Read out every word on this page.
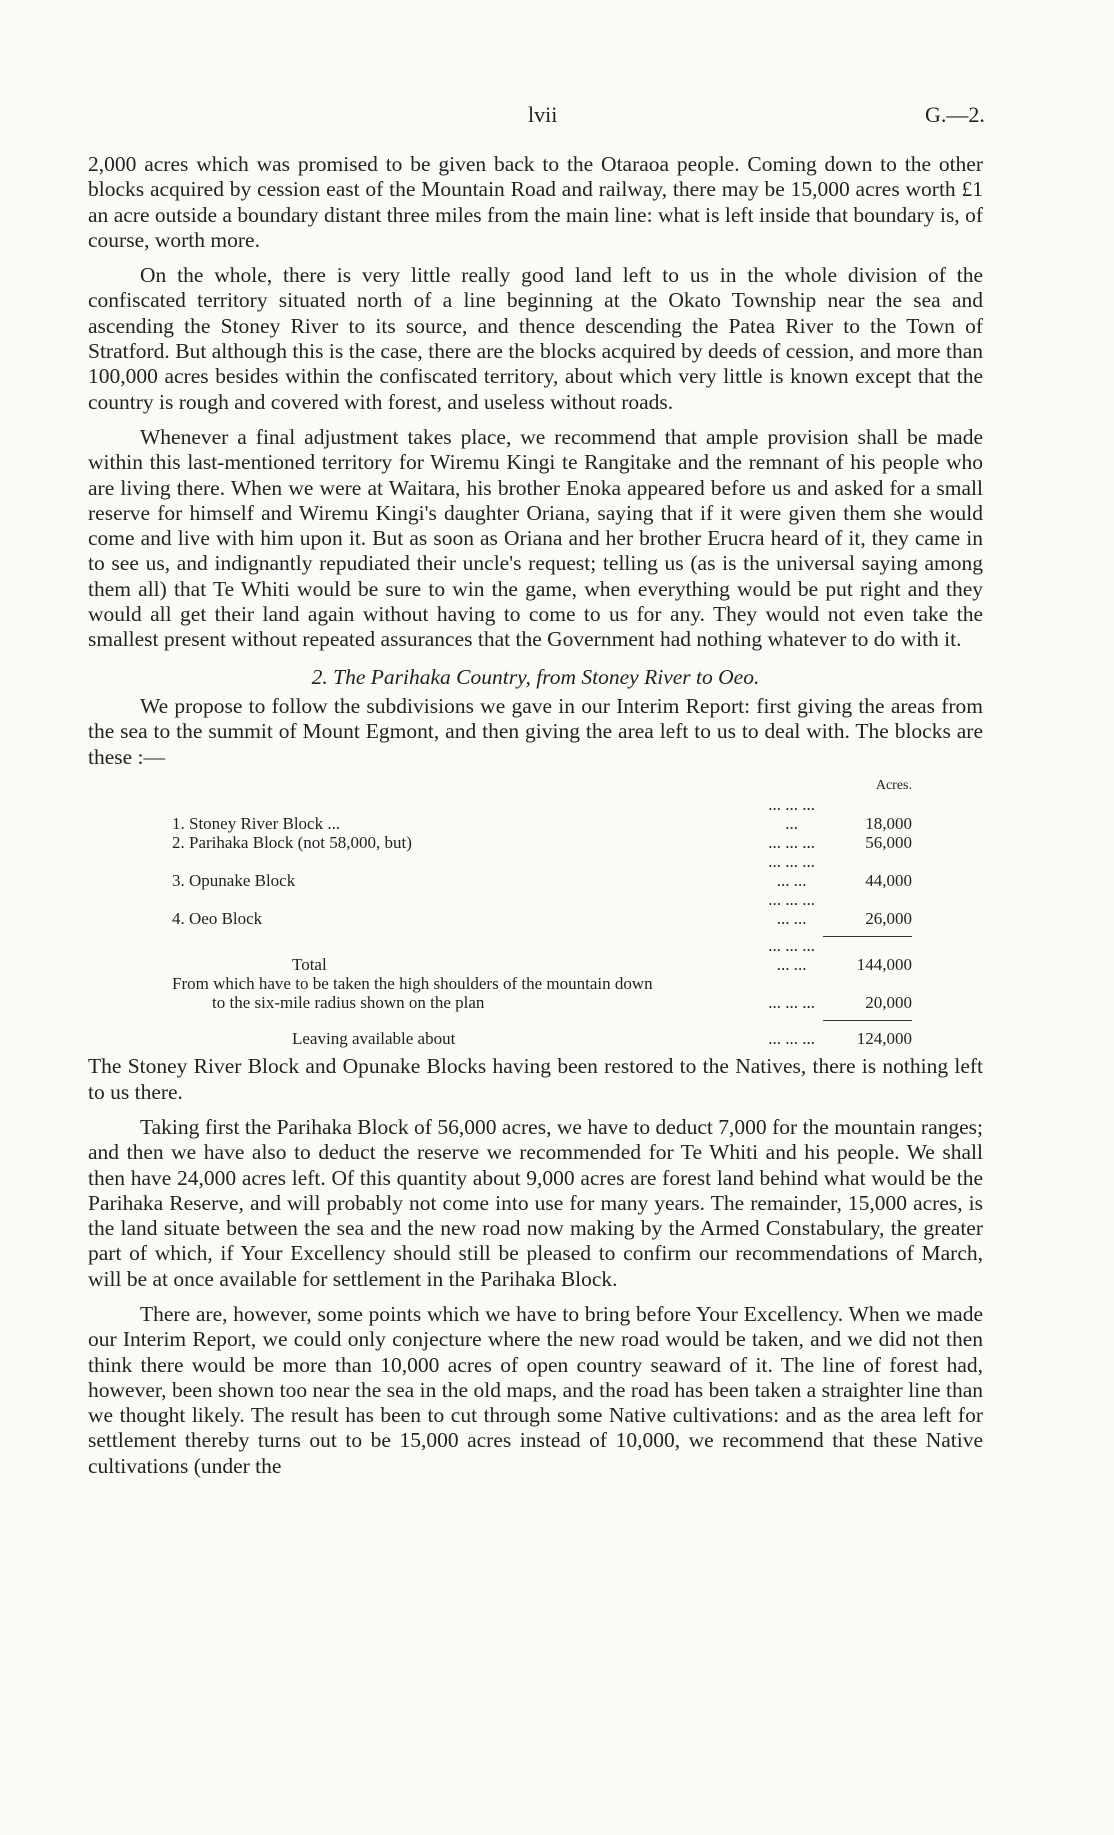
lvii	G.—2.

2,000 acres which was promised to be given back to the Otaraoa people. Coming down to the other blocks acquired by cession east of the Mountain Road and railway, there may be 15,000 acres worth £1 an acre outside a boundary distant three miles from the main line: what is left inside that boundary is, of course, worth more.

On the whole, there is very little really good land left to us in the whole division of the confiscated territory situated north of a line beginning at the Okato Township near the sea and ascending the Stoney River to its source, and thence descending the Patea River to the Town of Stratford. But although this is the case, there are the blocks acquired by deeds of cession, and more than 100,000 acres besides within the confiscated territory, about which very little is known except that the country is rough and covered with forest, and useless without roads.

Whenever a final adjustment takes place, we recommend that ample provision shall be made within this last-mentioned territory for Wiremu Kingi te Rangitake and the remnant of his people who are living there. When we were at Waitara, his brother Enoka appeared before us and asked for a small reserve for himself and Wiremu Kingi's daughter Oriana, saying that if it were given them she would come and live with him upon it. But as soon as Oriana and her brother Erucra heard of it, they came in to see us, and indignantly repudiated their uncle's request; telling us (as is the universal saying among them all) that Te Whiti would be sure to win the game, when everything would be put right and they would all get their land again without having to come to us for any. They would not even take the smallest present without repeated assurances that the Government had nothing whatever to do with it.

2. The Parihaka Country, from Stoney River to Oeo.

We propose to follow the subdivisions we gave in our Interim Report: first giving the areas from the sea to the summit of Mount Egmont, and then giving the area left to us to deal with. The blocks are these :—

		Acres.
1. Stoney River Block ...	... ... ... ...	18,000
2. Parihaka Block (not 58,000, but)	... ... ...	56,000
3. Opunake Block	... ... ... ... ...	44,000
4. Oeo Block	... ... ... ... ...	26,000

Total	... ... ... ... ...	144,000
From which have to be taken the high shoulders of the mountain down		
to the six-mile radius shown on the plan	... ... ...	20,000

Leaving available about	... ... ...	124,000

The Stoney River Block and Opunake Blocks having been restored to the Natives, there is nothing left to us there.

Taking first the Parihaka Block of 56,000 acres, we have to deduct 7,000 for the mountain ranges; and then we have also to deduct the reserve we recommended for Te Whiti and his people. We shall then have 24,000 acres left. Of this quantity about 9,000 acres are forest land behind what would be the Parihaka Reserve, and will probably not come into use for many years. The remainder, 15,000 acres, is the land situate between the sea and the new road now making by the Armed Constabulary, the greater part of which, if Your Excellency should still be pleased to confirm our recommendations of March, will be at once available for settlement in the Parihaka Block.

There are, however, some points which we have to bring before Your Excellency. When we made our Interim Report, we could only conjecture where the new road would be taken, and we did not then think there would be more than 10,000 acres of open country seaward of it. The line of forest had, however, been shown too near the sea in the old maps, and the road has been taken a straighter line than we thought likely. The result has been to cut through some Native cultivations: and as the area left for settlement thereby turns out to be 15,000 acres instead of 10,000, we recommend that these Native cultivations (under the
